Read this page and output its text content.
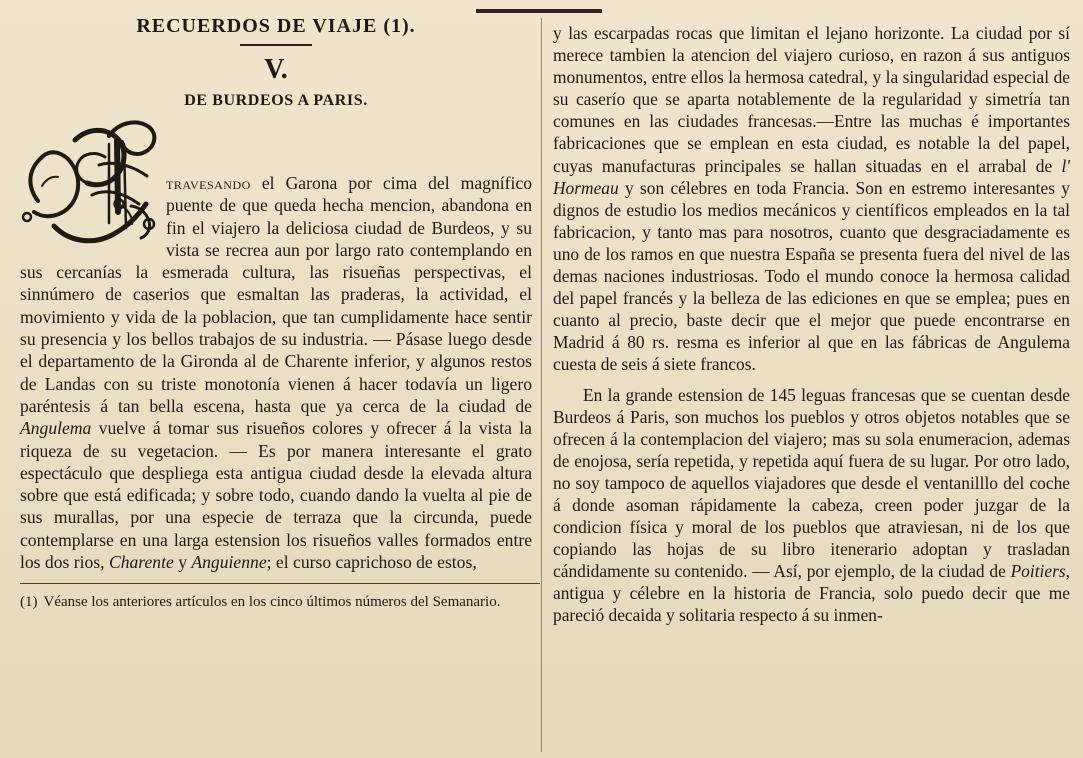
RECUERDOS DE VIAJE (1).
V.
DE BURDEOS A PARIS.

travesando el Garona por cima del magnífico puente de que queda hecha mencion, abandona en fin el viajero la deliciosa ciudad de Burdeos, y su vista se recrea aun por largo rato contemplando en sus cercanías la esmerada cultura, las risueñas perspectivas, el sinnúmero de caserios que esmaltan las praderas, la actividad, el movimiento y vida de la poblacion, que tan cumplidamente hace sentir su presencia y los bellos trabajos de su industria. — Pásase luego desde el departamento de la Gironda al de Charente inferior, y algunos restos de Landas con su triste monotonía vienen á hacer todavía un ligero paréntesis á tan bella escena, hasta que ya cerca de la ciudad de Angulema vuelve á tomar sus risueños colores y ofrecer á la vista la riqueza de su vegetacion. — Es por manera interesante el grato espectáculo que despliega esta antigua ciudad desde la elevada altura sobre que está edificada; y sobre todo, cuando dando la vuelta al pie de sus murallas, por una especie de terraza que la circunda, puede contemplarse en una larga estension los risueños valles formados entre los dos rios, Charente y Anguienne; el curso caprichoso de estos,

(1) Véanse los anteriores artículos en los cinco últimos números del Semanario.

y las escarpadas rocas que limitan el lejano horizonte. La ciudad por sí merece tambien la atencion del viajero curioso, en razon á sus antiguos monumentos, entre ellos la hermosa catedral, y la singularidad especial de su caserío que se aparta notablemente de la regularidad y simetría tan comunes en las ciudades francesas.—Entre las muchas é importantes fabricaciones que se emplean en esta ciudad, es notable la del papel, cuyas manufacturas principales se hallan situadas en el arrabal de l' Hormeau y son célebres en toda Francia. Son en estremo interesantes y dignos de estudio los medios mecánicos y científicos empleados en la tal fabricacion, y tanto mas para nosotros, cuanto que desgraciadamente es uno de los ramos en que nuestra España se presenta fuera del nivel de las demas naciones industriosas. Todo el mundo conoce la hermosa calidad del papel francés y la belleza de las ediciones en que se emplea; pues en cuanto al precio, baste decir que el mejor que puede encontrarse en Madrid á 80 rs. resma es inferior al que en las fábricas de Angulema cuesta de seis á siete francos.

En la grande estension de 145 leguas francesas que se cuentan desde Burdeos á Paris, son muchos los pueblos y otros objetos notables que se ofrecen á la contemplacion del viajero; mas su sola enumeracion, ademas de enojosa, sería repetida, y repetida aquí fuera de su lugar. Por otro lado, no soy tampoco de aquellos viajadores que desde el ventanilllo del coche á donde asoman rápidamente la cabeza, creen poder juzgar de la condicion física y moral de los pueblos que atraviesan, ni de los que copiando las hojas de su libro itenerario adoptan y trasladan cándidamente su contenido. — Así, por ejemplo, de la ciudad de Poitiers, antigua y célebre en la historia de Francia, solo puedo decir que me pareció decaida y solitaria respecto á su inmen-
